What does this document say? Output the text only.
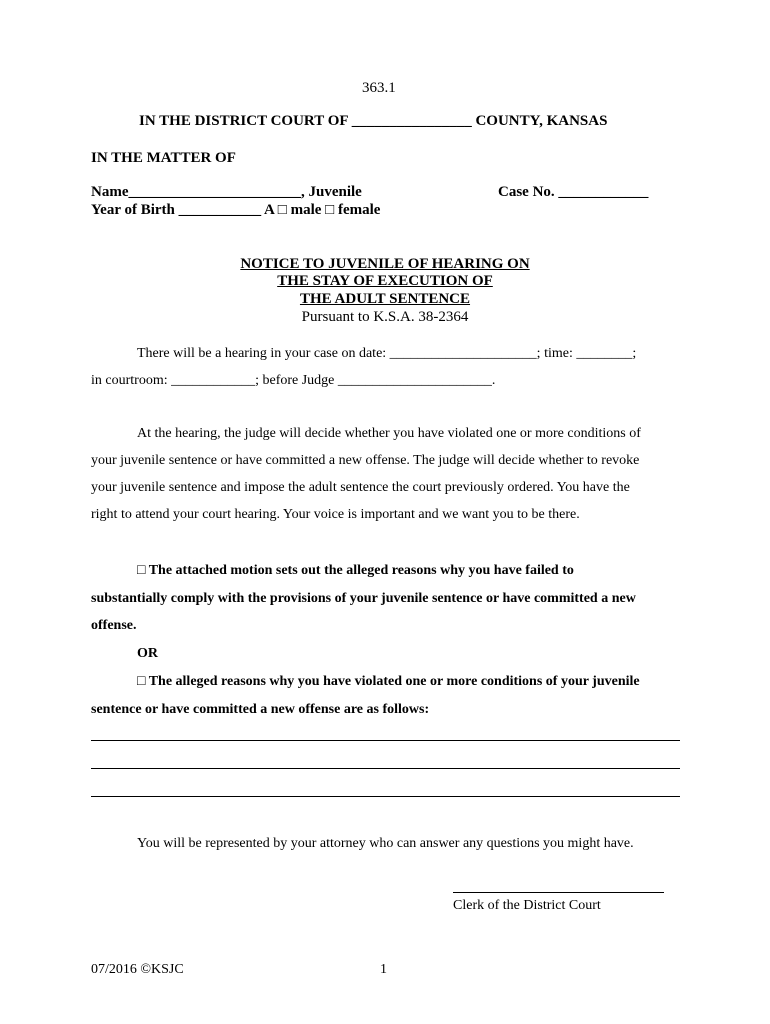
363.1
IN THE DISTRICT COURT OF ________________ COUNTY, KANSAS
IN THE MATTER OF
Name_______________________, Juvenile	Case No. ____________
Year of Birth ___________ A □ male □ female
NOTICE TO JUVENILE OF HEARING ON
THE STAY OF EXECUTION OF
THE ADULT SENTENCE
Pursuant to K.S.A. 38-2364
There will be a hearing in your case on date: _____________________; time: ________;
in courtroom: ____________; before Judge ______________________.
At the hearing, the judge will decide whether you have violated one or more conditions of
your juvenile sentence or have committed a new offense. The judge will decide whether to revoke
your juvenile sentence and impose the adult sentence the court previously ordered. You have the
right to attend your court hearing. Your voice is important and we want you to be there.
□ The attached motion sets out the alleged reasons why you have failed to
substantially comply with the provisions of your juvenile sentence or have committed a new
offense.
OR
□ The alleged reasons why you have violated one or more conditions of your juvenile
sentence or have committed a new offense are as follows:
You will be represented by your attorney who can answer any questions you might have.
Clerk of the District Court
07/2016 ©KSJC	1
